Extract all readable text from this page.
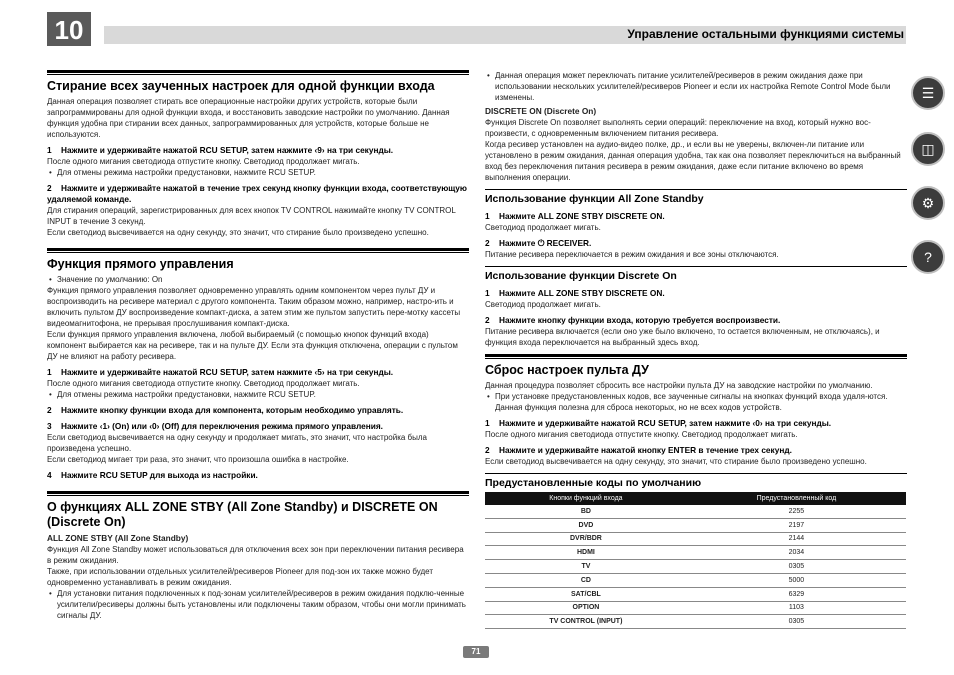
10	Управление остальными функциями системы
Стирание всех заученных настроек для одной функции входа

Данная операция позволяет стирать все операционные настройки других устройств, которые были запрограммированы для одной функции входа, и восстановить заводские настройки по умолчанию. Данная функция удобна при стирании всех данных, запрограммированных для устройств, которые больше не используются.

1 Нажмите и удерживайте нажатой RCU SETUP, затем нажмите ‹9› на три секунды.

После одного мигания светодиода отпустите кнопку. Светодиод продолжает мигать.

• Для отмены режима настройки предустановки, нажмите RCU SETUP.
2 Нажмите и удерживайте нажатой в течение трех секунд кнопку функции входа, соответствующую удаляемой команде.

Для стирания операций, зарегистрированных для всех кнопок TV CONTROL нажимайте кнопку TV CONTROL INPUT в течение 3 секунд.

Если светодиод высвечивается на одну секунду, это значит, что стирание было произведено успешно.

Функция прямого управления
• Значение по умолчанию: On

Функция прямого управления позволяет одновременно управлять одним компонентом через пульт ДУ и воспроизводить на ресивере материал с другого компонента. Таким образом можно, например, настро-ить и включить пультом ДУ воспроизведение компакт-диска, а затем этим же пультом запустить пере-мотку кассеты видеомагнитофона, не прерывая прослушивания компакт-диска.

Если функция прямого управления включена, любой выбираемый (с помощью кнопок функций входа) компонент выбирается как на ресивере, так и на пульте ДУ. Если эта функция отключена, операции с пультом ДУ не влияют на работу ресивера.

1 Нажмите и удерживайте нажатой RCU SETUP, затем нажмите ‹5› на три секунды.

После одного мигания светодиода отпустите кнопку. Светодиод продолжает мигать.

• Для отмены режима настройки предустановки, нажмите RCU SETUP.
2 Нажмите кнопку функции входа для компонента, которым необходимо управлять.
3 Нажмите ‹1› (On) или ‹0› (Off) для переключения режима прямого управления.

Если светодиод высвечивается на одну секунду и продолжает мигать, это значит, что настройка была произведена успешно.

Если светодиод мигает три раза, это значит, что произошла ошибка в настройке.

4 Нажмите RCU SETUP для выхода из настройки.
О функциях ALL ZONE STBY (All Zone Standby) и DISCRETE ON (Discrete On)
ALL ZONE STBY (All Zone Standby)

Функция All Zone Standby может использоваться для отключения всех зон при переключении питания ресивера в режим ожидания.

Также, при использовании отдельных усилителей/ресиверов Pioneer для под-зон их также можно будет одновременно устанавливать в режим ожидания.

• Для установки питания подключенных к под-зонам усилителей/ресиверов в режим ожидания подклю-ченные усилители/ресиверы должны быть установлены или подключены таким образом, чтобы они могли принимать сигналы ДУ.
• Данная операция может переключать питание усилителей/ресиверов в режим ожидания даже при использовании нескольких усилителей/ресиверов Pioneer и если их настройка Remote Control Mode были изменены.
DISCRETE ON (Discrete On)

Функция Discrete On позволяет выполнять серии операций: переключение на вход, который нужно вос-произвести, с одновременным включением питания ресивера.

Когда ресивер установлен на аудио-видео полке, др., и если вы не уверены, включен-ли питание или установлено в режим ожидания, данная операция удобна, так как она позволяет переключиться на выбранный вход без переключения питания ресивера в режим ожидания, даже если питание включено во время выполнения операции.

Использование функции All Zone Standby
1 Нажмите ALL ZONE STBY DISCRETE ON.

Светодиод продолжает мигать.

2 Нажмите ⏻ RECEIVER.

Питание ресивера переключается в режим ожидания и все зоны отключаются.

Использование функции Discrete On
1 Нажмите ALL ZONE STBY DISCRETE ON.

Светодиод продолжает мигать.

2 Нажмите кнопку функции входа, которую требуется воспроизвести.

Питание ресивера включается (если оно уже было включено, то остается включенным, не отключаясь), и функция входа переключается на выбранный здесь вход.

Сброс настроек пульта ДУ

Данная процедура позволяет сбросить все настройки пульта ДУ на заводские настройки по умолчанию.

• При установке предустановленных кодов, все заученные сигналы на кнопках функций входа удаля-ются. Данная функция полезна для сброса некоторых, но не всех кодов устройств.
1 Нажмите и удерживайте нажатой RCU SETUP, затем нажмите ‹0› на три секунды.

После одного мигания светодиода отпустите кнопку. Светодиод продолжает мигать.

2 Нажмите и удерживайте нажатой кнопку ENTER в течение трех секунд.

Если светодиод высвечивается на одну секунду, это значит, что стирание было произведено успешно.

Предустановленные коды по умолчанию
Кнопки функций входа	Предустановленный код
BD	2255
DVD	2197
DVR/BDR	2144
HDMI	2034
TV	0305
CD	5000
SAT/CBL	6329
OPTION	1103
TV CONTROL (INPUT)	0305
☰
◫
⚙
?
71
